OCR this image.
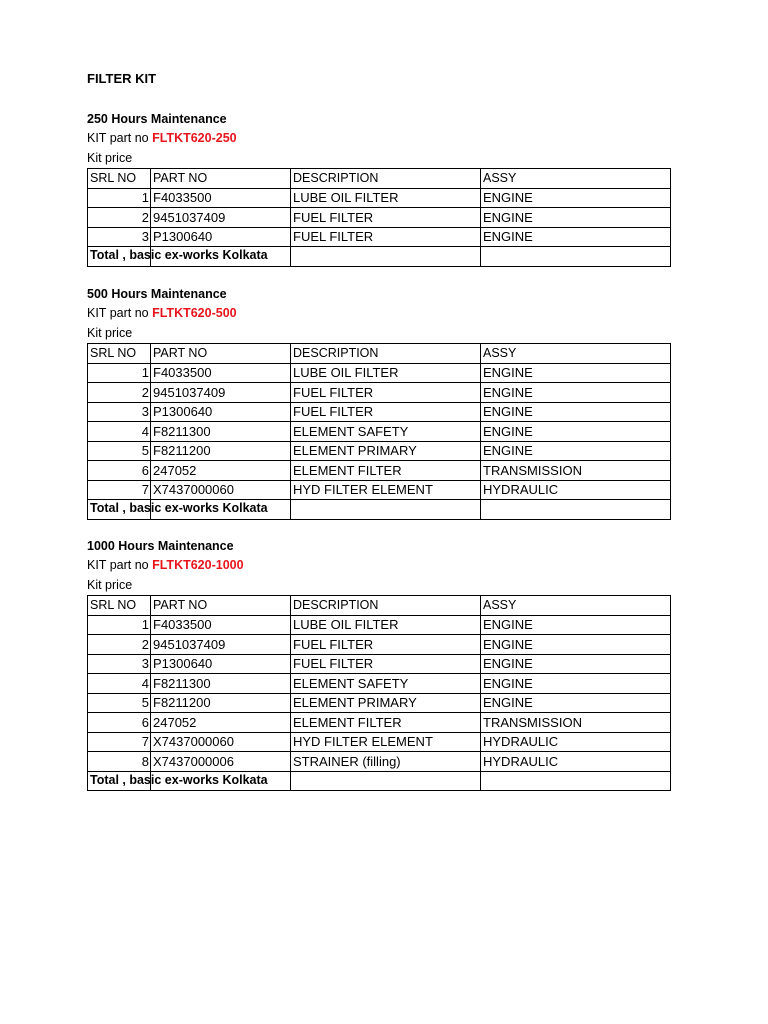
FILTER KIT
250 Hours Maintenance
KIT part no FLTKT620-250
Kit price
SRL NO	PART NO	DESCRIPTION	ASSY
1	F4033500	LUBE OIL FILTER	ENGINE
2	9451037409	FUEL FILTER	ENGINE
3	P1300640	FUEL FILTER	ENGINE

Total , basic ex-works Kolkata			

500 Hours Maintenance
KIT part no FLTKT620-500
Kit price
SRL NO	PART NO	DESCRIPTION	ASSY
1	F4033500	LUBE OIL FILTER	ENGINE
2	9451037409	FUEL FILTER	ENGINE
3	P1300640	FUEL FILTER	ENGINE
4	F8211300	ELEMENT SAFETY	ENGINE
5	F8211200	ELEMENT PRIMARY	ENGINE
6	247052	ELEMENT FILTER	TRANSMISSION
7	X7437000060	HYD FILTER ELEMENT	HYDRAULIC

Total , basic ex-works Kolkata			

1000 Hours Maintenance
KIT part no FLTKT620-1000
Kit price
SRL NO	PART NO	DESCRIPTION	ASSY
1	F4033500	LUBE OIL FILTER	ENGINE
2	9451037409	FUEL FILTER	ENGINE
3	P1300640	FUEL FILTER	ENGINE
4	F8211300	ELEMENT SAFETY	ENGINE
5	F8211200	ELEMENT PRIMARY	ENGINE
6	247052	ELEMENT FILTER	TRANSMISSION
7	X7437000060	HYD FILTER ELEMENT	HYDRAULIC
8	X7437000006	STRAINER (filling)	HYDRAULIC

Total , basic ex-works Kolkata			
